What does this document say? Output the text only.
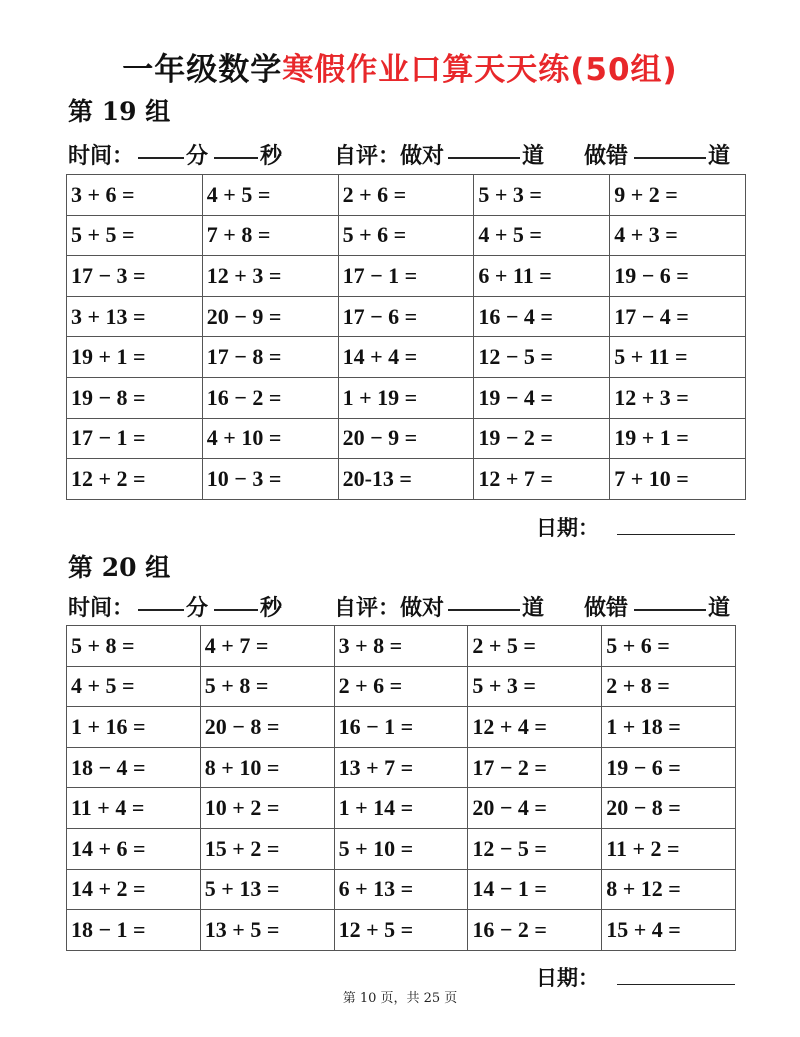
一年级数学寒假作业口算天天练(50组)
第 19 组
时间： 分 秒 自评：做对	道 做错	道
3 + 6 =	4 + 5 =	2 + 6 =	5 + 3 =	9 + 2 =
5 + 5 =	7 + 8 =	5 + 6 =	4 + 5 =	4 + 3 =
17 − 3 =	12 + 3 =	17 − 1 =	6 + 11 =	19 − 6 =
3 + 13 =	20 − 9 =	17 − 6 =	16 − 4 =	17 − 4 =
19 + 1 =	17 − 8 =	14 + 4 =	12 − 5 =	5 + 11 =
19 − 8 =	16 − 2 =	1 + 19 =	19 − 4 =	12 + 3 =
17 − 1 =	4 + 10 =	20 − 9 =	19 − 2 =	19 + 1 =
12 + 2 =	10 − 3 =	20-13 =	12 + 7 =	7 + 10 =
日期：
第 20 组
时间： 分 秒 自评：做对	道 做错	道
5 + 8 =	4 + 7 =	3 + 8 =	2 + 5 =	5 + 6 =
4 + 5 =	5 + 8 =	2 + 6 =	5 + 3 =	2 + 8 =
1 + 16 =	20 − 8 =	16 − 1 =	12 + 4 =	1 + 18 =
18 − 4 =	8 + 10 =	13 + 7 =	17 − 2 =	19 − 6 =
11 + 4 =	10 + 2 =	1 + 14 =	20 − 4 =	20 − 8 =
14 + 6 =	15 + 2 =	5 + 10 =	12 − 5 =	11 + 2 =
14 + 2 =	5 + 13 =	6 + 13 =	14 − 1 =	8 + 12 =
18 − 1 =	13 + 5 =	12 + 5 =	16 − 2 =	15 + 4 =
日期：
第 10 页，共 25 页
